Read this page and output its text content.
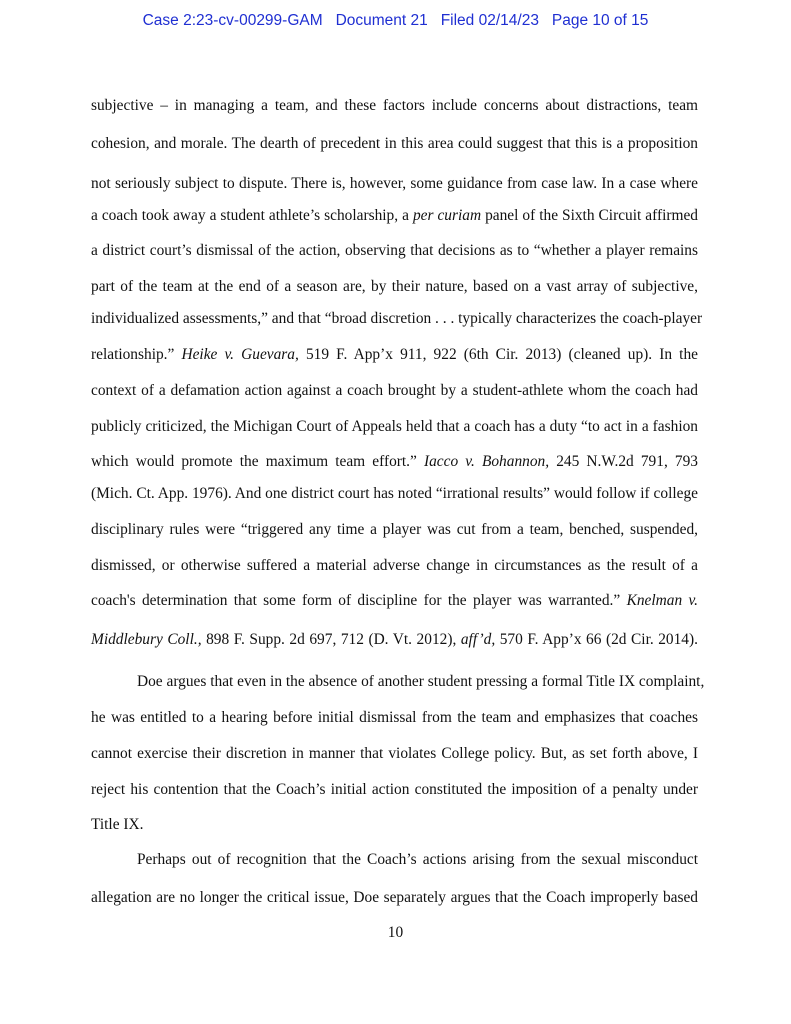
Case 2:23-cv-00299-GAM Document 21 Filed 02/14/23 Page 10 of 15
subjective – in managing a team, and these factors include concerns about distractions, team
cohesion, and morale. The dearth of precedent in this area could suggest that this is a proposition
not seriously subject to dispute. There is, however, some guidance from case law. In a case where
a coach took away a student athlete’s scholarship, a per curiam panel of the Sixth Circuit affirmed
a district court’s dismissal of the action, observing that decisions as to “whether a player remains
part of the team at the end of a season are, by their nature, based on a vast array of subjective,
individualized assessments,” and that “broad discretion . . . typically characterizes the coach-player
relationship.” Heike v. Guevara, 519 F. App’x 911, 922 (6th Cir. 2013) (cleaned up). In the
context of a defamation action against a coach brought by a student-athlete whom the coach had
publicly criticized, the Michigan Court of Appeals held that a coach has a duty “to act in a fashion
which would promote the maximum team effort.” Iacco v. Bohannon, 245 N.W.2d 791, 793
(Mich. Ct. App. 1976). And one district court has noted “irrational results” would follow if college
disciplinary rules were “triggered any time a player was cut from a team, benched, suspended,
dismissed, or otherwise suffered a material adverse change in circumstances as the result of a
coach's determination that some form of discipline for the player was warranted.” Knelman v.
Middlebury Coll., 898 F. Supp. 2d 697, 712 (D. Vt. 2012), aff’d, 570 F. App’x 66 (2d Cir. 2014).
Doe argues that even in the absence of another student pressing a formal Title IX complaint,
he was entitled to a hearing before initial dismissal from the team and emphasizes that coaches
cannot exercise their discretion in manner that violates College policy. But, as set forth above, I
reject his contention that the Coach’s initial action constituted the imposition of a penalty under
Title IX.
Perhaps out of recognition that the Coach’s actions arising from the sexual misconduct
allegation are no longer the critical issue, Doe separately argues that the Coach improperly based
10
